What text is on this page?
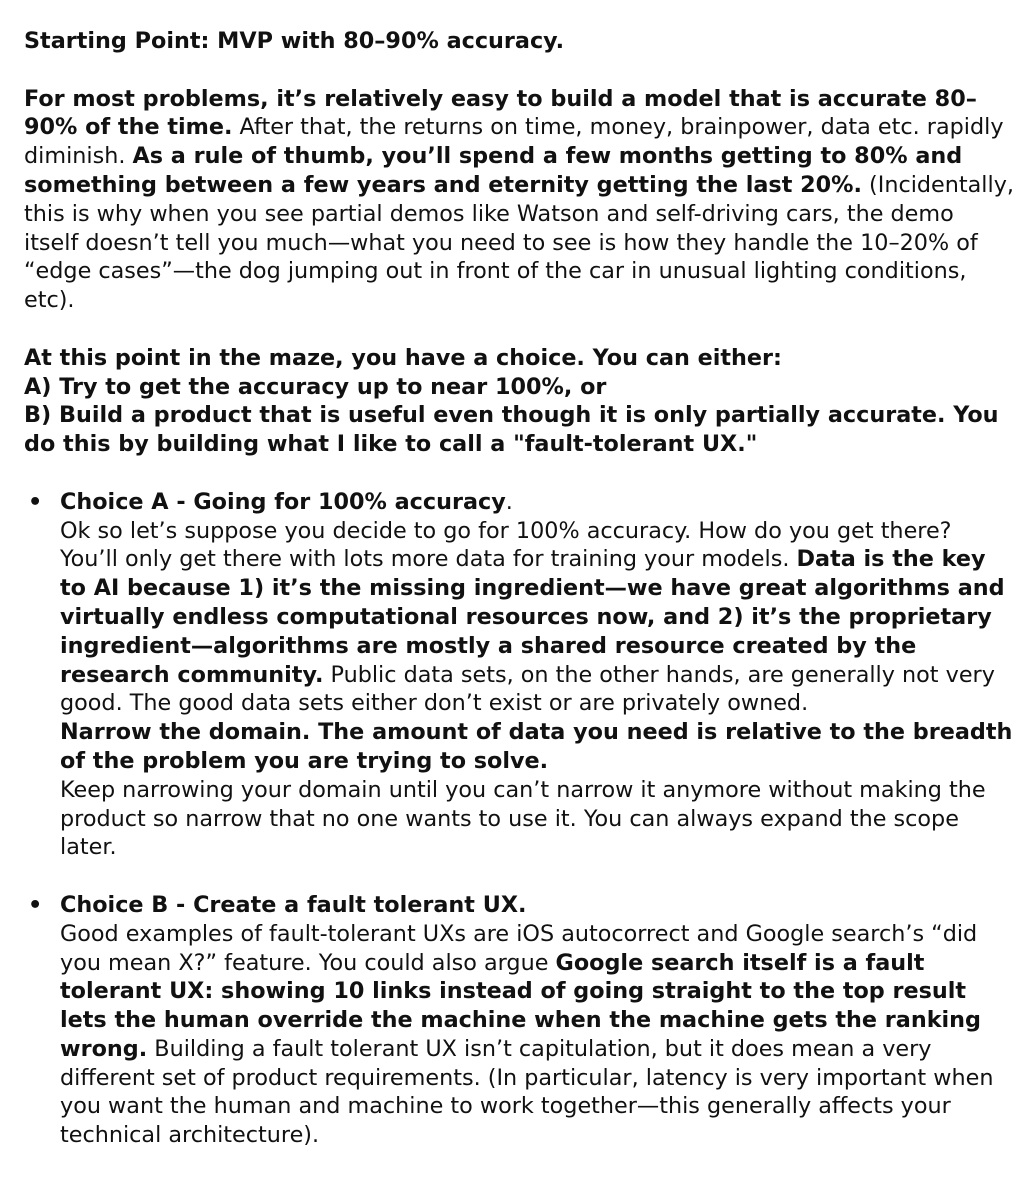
Starting Point: MVP with 80–90% accuracy.

For most problems, it’s relatively easy to build a model that is accurate 80–90% of the time. After that, the returns on time, money, brainpower, data etc. rapidly diminish. As a rule of thumb, you’ll spend a few months getting to 80% and something between a few years and eternity getting the last 20%. (Incidentally, this is why when you see partial demos like Watson and self-driving cars, the demo itself doesn’t tell you much—what you need to see is how they handle the 10–20% of “edge cases”—the dog jumping out in front of the car in unusual lighting conditions, etc).

At this point in the maze, you have a choice. You can either:

A) Try to get the accuracy up to near 100%, or

B) Build a product that is useful even though it is only partially accurate. You do this by building what I like to call a "fault-tolerant UX."

• Choice A - Going for 100% accuracy.

Ok so let’s suppose you decide to go for 100% accuracy. How do you get there? You’ll only get there with lots more data for training your models. Data is the key to AI because 1) it’s the missing ingredient—we have great algorithms and virtually endless computational resources now, and 2) it’s the proprietary ingredient—algorithms are mostly a shared resource created by the research community. Public data sets, on the other hands, are generally not very good. The good data sets either don’t exist or are privately owned.

Narrow the domain. The amount of data you need is relative to the breadth of the problem you are trying to solve.

Keep narrowing your domain until you can’t narrow it anymore without making the product so narrow that no one wants to use it. You can always expand the scope later.

• Choice B - Create a fault tolerant UX.

Good examples of fault-tolerant UXs are iOS autocorrect and Google search’s “did you mean X?” feature. You could also argue Google search itself is a fault tolerant UX: showing 10 links instead of going straight to the top result lets the human override the machine when the machine gets the ranking wrong. Building a fault tolerant UX isn’t capitulation, but it does mean a very different set of product requirements. (In particular, latency is very important when you want the human and machine to work together—this generally affects your technical architecture).
